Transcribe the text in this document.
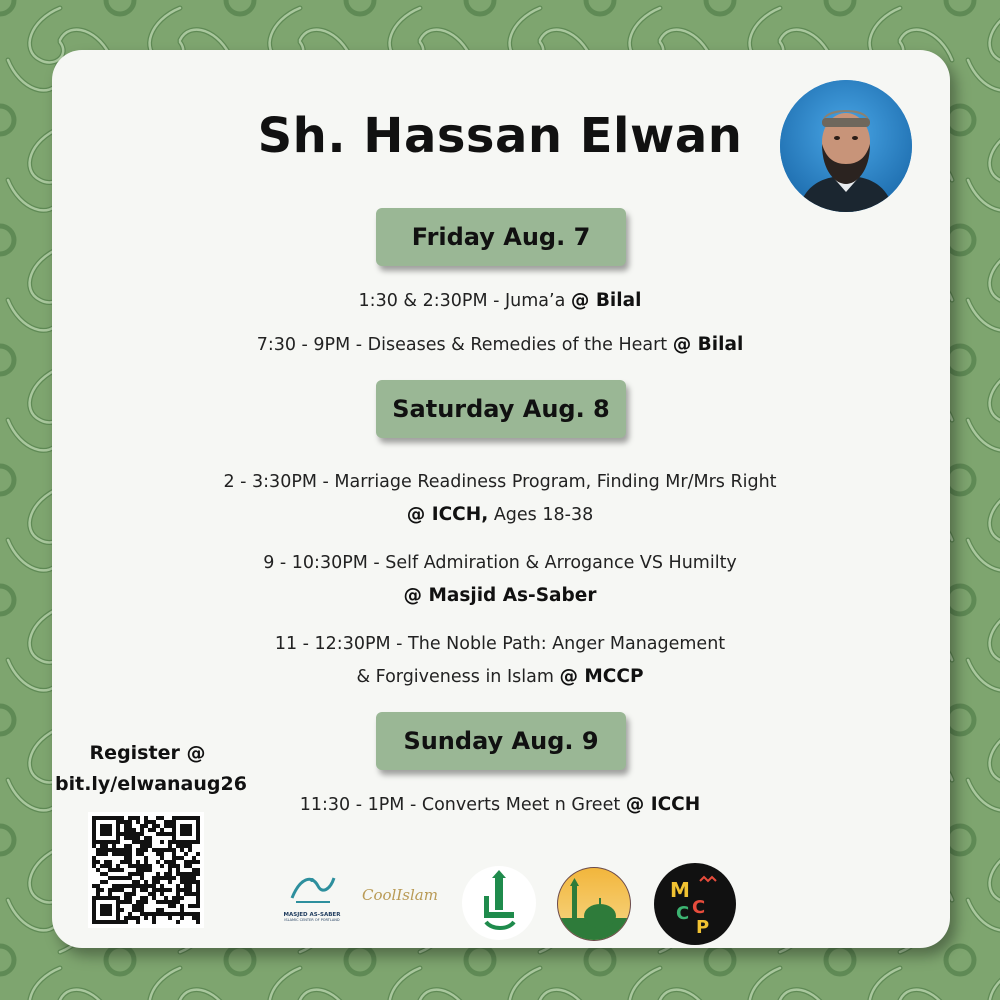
Sh. Hassan Elwan
Friday Aug. 7
1:30 & 2:30PM - Juma’a @ Bilal
7:30 - 9PM - Diseases & Remedies of the Heart @ Bilal
Saturday Aug. 8
2 - 3:30PM - Marriage Readiness Program, Finding Mr/Mrs Right
@ ICCH, Ages 18-38
9 - 10:30PM - Self Admiration & Arrogance VS Humilty
@ Masjid As-Saber
11 - 12:30PM - The Noble Path: Anger Management
& Forgiveness in Islam @ MCCP
Sunday Aug. 9
11:30 - 1PM - Converts Meet n Greet @ ICCH
Register @
bit.ly/elwanaug26
MASJED AS-SABER
ISLAMIC CENTER OF PORTLAND
CoolIslam	M
C
C
P
